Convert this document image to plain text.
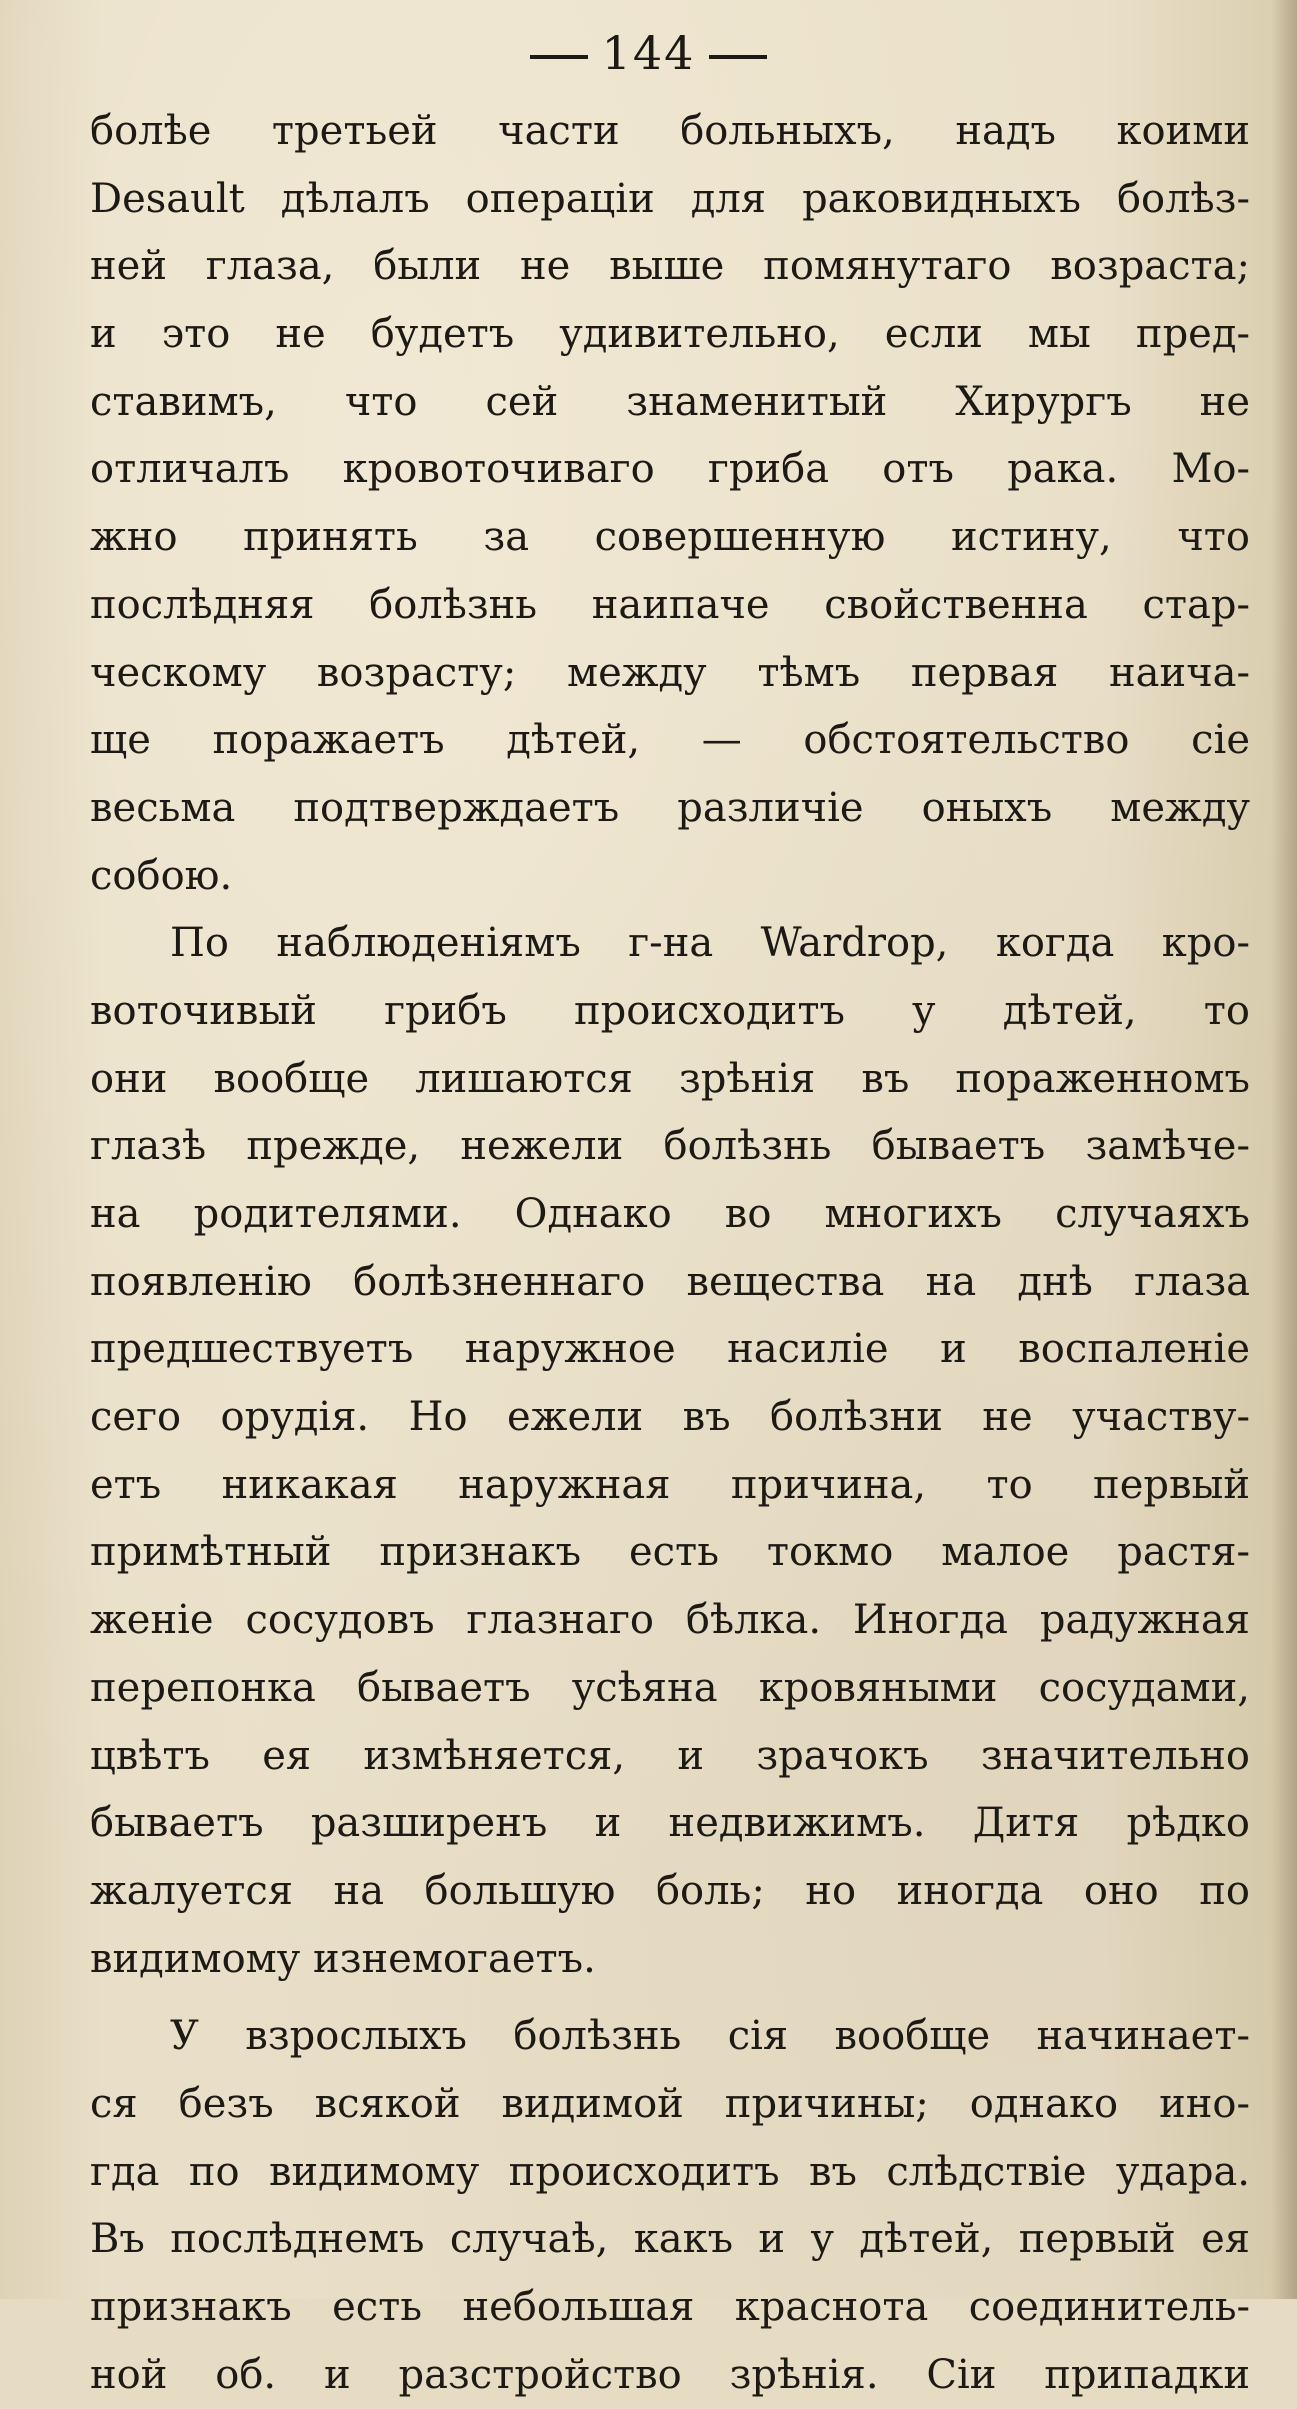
144
болѣе третьей части больныхъ, надъ коими
Desault дѣлалъ операціи для раковидныхъ болѣз-
ней глаза, были не выше помянутаго возраста;
и это не будетъ удивительно, если мы пред-
ставимъ, что сей знаменитый Хирургъ не
отличалъ кровоточиваго гриба отъ рака. Мо-
жно принять за совершенную истину, что
послѣдняя болѣзнь наипаче свойственна стар-
ческому возрасту; между тѣмъ первая наича-
ще поражаетъ дѣтей, — обстоятельство сіе
весьма подтверждаетъ различіе оныхъ между
собою.
По наблюденіямъ г-на Wardrop, когда кро-
воточивый грибъ происходитъ у дѣтей, то
они вообще лишаются зрѣнія въ пораженномъ
глазѣ прежде, нежели болѣзнь бываетъ замѣче-
на родителями. Однако во многихъ случаяхъ
появленію болѣзненнаго вещества на днѣ глаза
предшествуетъ наружное насиліе и воспаленіе
сего орудія. Но ежели въ болѣзни не участву-
етъ никакая наружная причина, то первый
примѣтный признакъ есть токмо малое растя-
женіе сосудовъ глазнаго бѣлка. Иногда радужная
перепонка бываетъ усѣяна кровяными сосудами,
цвѣтъ ея измѣняется, и зрачокъ значительно
бываетъ разширенъ и недвижимъ. Дитя рѣдко
жалуется на большую боль; но иногда оно по
видимому изнемогаетъ.
У взрослыхъ болѣзнь сія вообще начинает-
ся безъ всякой видимой причины; однако ино-
гда по видимому происходитъ въ слѣдствіе удара.
Въ послѣднемъ случаѣ, какъ и у дѣтей, первый ея
признакъ есть небольшая краснота соединитель-
ной об. и разстройство зрѣнія. Сіи припадки
